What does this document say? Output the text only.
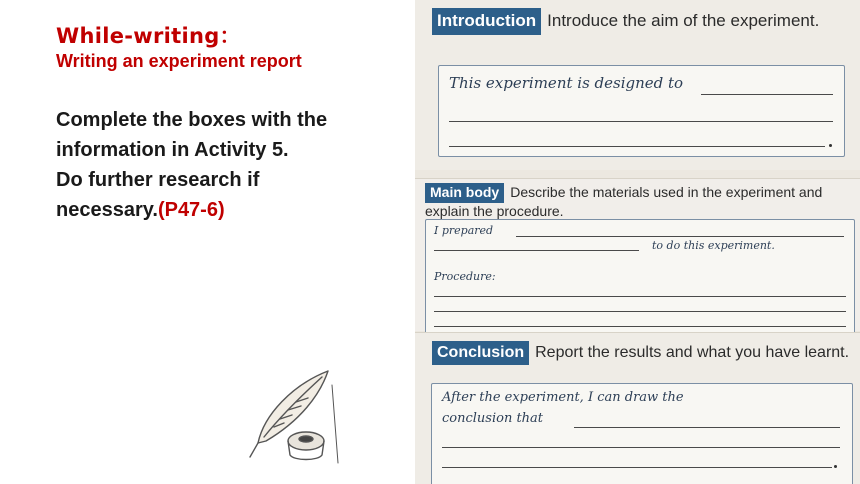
While-writing：
Writing an experiment report
Complete the boxes with the
information in Activity 5.
Do further research if
necessary.(P47-6)
Introduction Introduce the aim of the experiment.
This experiment is designed to
Main body Describe the materials used in the experiment and explain the procedure.
I prepared
to do this experiment.
Procedure:
Conclusion Report the results and what you have learnt.
After the experiment, I can draw the
conclusion that
